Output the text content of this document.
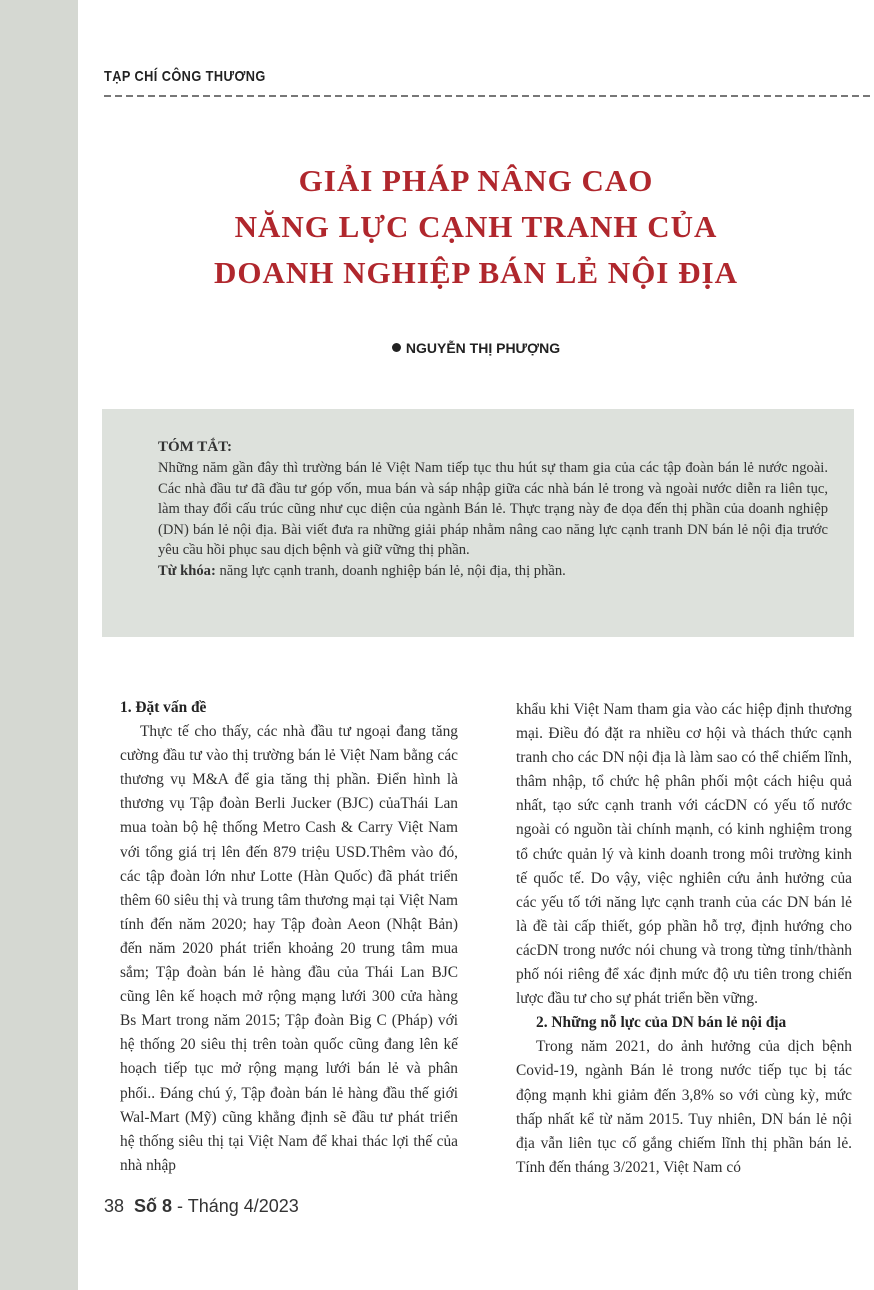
TẠP CHÍ CÔNG THƯƠNG
GIẢI PHÁP NÂNG CAO
NĂNG LỰC CẠNH TRANH CỦA
DOANH NGHIỆP BÁN LẺ NỘI ĐỊA
NGUYỄN THỊ PHƯỢNG

TÓM TẮT:

Những năm gần đây thì trường bán lẻ Việt Nam tiếp tục thu hút sự tham gia của các tập đoàn bán lẻ nước ngoài. Các nhà đầu tư đã đầu tư góp vốn, mua bán và sáp nhập giữa các nhà bán lẻ trong và ngoài nước diễn ra liên tục, làm thay đổi cấu trúc cũng như cục diện của ngành Bán lẻ. Thực trạng này đe dọa đến thị phần của doanh nghiệp (DN) bán lẻ nội địa. Bài viết đưa ra những giải pháp nhằm nâng cao năng lực cạnh tranh DN bán lẻ nội địa trước yêu cầu hồi phục sau dịch bệnh và giữ vững thị phần.

Từ khóa: năng lực cạnh tranh, doanh nghiệp bán lẻ, nội địa, thị phần.

1. Đặt vấn đề

Thực tế cho thấy, các nhà đầu tư ngoại đang tăng cường đầu tư vào thị trường bán lẻ Việt Nam bằng các thương vụ M&A để gia tăng thị phần. Điển hình là thương vụ Tập đoàn Berli Jucker (BJC) củaThái Lan mua toàn bộ hệ thống Metro Cash & Carry Việt Nam với tổng giá trị lên đến 879 triệu USD.Thêm vào đó, các tập đoàn lớn như Lotte (Hàn Quốc) đã phát triển thêm 60 siêu thị và trung tâm thương mại tại Việt Nam tính đến năm 2020; hay Tập đoàn Aeon (Nhật Bản) đến năm 2020 phát triển khoảng 20 trung tâm mua sắm; Tập đoàn bán lẻ hàng đầu của Thái Lan BJC cũng lên kế hoạch mở rộng mạng lưới 300 cửa hàng Bs Mart trong năm 2015; Tập đoàn Big C (Pháp) với hệ thống 20 siêu thị trên toàn quốc cũng đang lên kế hoạch tiếp tục mở rộng mạng lưới bán lẻ và phân phối.. Đáng chú ý, Tập đoàn bán lẻ hàng đầu thế giới Wal-Mart (Mỹ) cũng khẳng định sẽ đầu tư phát triển hệ thống siêu thị tại Việt Nam để khai thác lợi thế của nhà nhập

khẩu khi Việt Nam tham gia vào các hiệp định thương mại. Điều đó đặt ra nhiều cơ hội và thách thức cạnh tranh cho các DN nội địa là làm sao có thể chiếm lĩnh, thâm nhập, tổ chức hệ phân phối một cách hiệu quả nhất, tạo sức cạnh tranh với cácDN có yếu tố nước ngoài có nguồn tài chính mạnh, có kinh nghiệm trong tổ chức quản lý và kinh doanh trong môi trường kinh tế quốc tế. Do vậy, việc nghiên cứu ảnh hưởng của các yếu tố tới năng lực cạnh tranh của các DN bán lẻ là đề tài cấp thiết, góp phần hỗ trợ, định hướng cho cácDN trong nước nói chung và trong từng tỉnh/thành phố nói riêng để xác định mức độ ưu tiên trong chiến lược đầu tư cho sự phát triển bền vững.

2. Những nỗ lực của DN bán lẻ nội địa

Trong năm 2021, do ảnh hưởng của dịch bệnh Covid-19, ngành Bán lẻ trong nước tiếp tục bị tác động mạnh khi giảm đến 3,8% so với cùng kỳ, mức thấp nhất kể từ năm 2015. Tuy nhiên, DN bán lẻ nội địa vẫn liên tục cố gắng chiếm lĩnh thị phần bán lẻ. Tính đến tháng 3/2021, Việt Nam có

38 Số 8 - Tháng 4/2023
